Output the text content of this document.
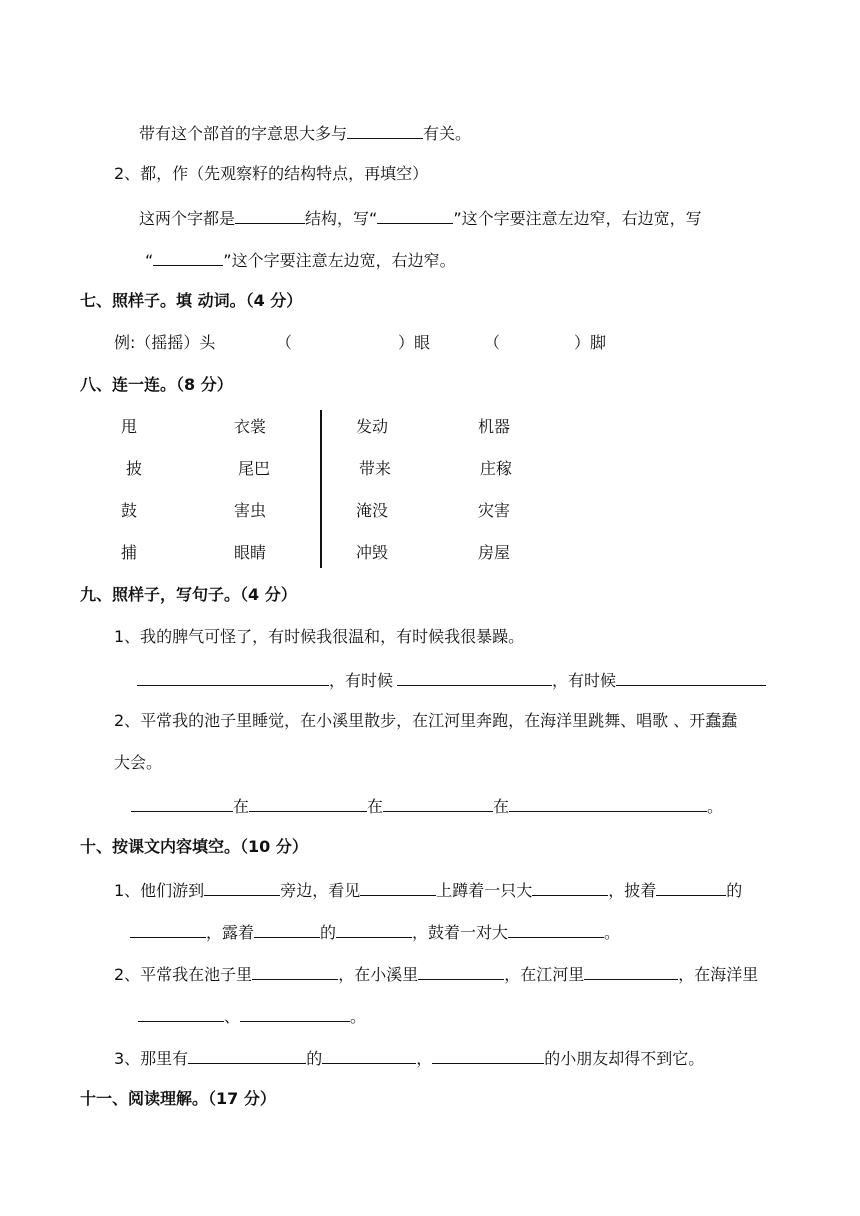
带有这个部首的字意思大多与	有关。
2、都，作（先观察籽的结构特点，再填空）
这两个字都是	结构，写“	”这个字要注意左边窄，右边宽，写
“	”这个字要注意左边宽，右边窄。
七、照样子。填 动词。（4 分）
例:（摇摇）头	（	）眼	（	）脚
八、连一连。（8 分）
甩	衣裳	发动	机器
披	尾巴	带来	庄稼
鼓	害虫	淹没	灾害
捕	眼睛	冲毁	房屋
九、照样子，写句子。（4 分）
1、我的脾气可怪了，有时候我很温和，有时候我很暴躁。
，有时候	，有时候
2、平常我的池子里睡觉，在小溪里散步，在江河里奔跑，在海洋里跳舞、唱歌 、开蠢蠢
大会。
在	在	在	。
十、按课文内容填空。（10 分）
1、他们游到	旁边，看见	上蹲着一只大	，披着	的
，露着	的	，鼓着一对大	。
2、平常我在池子里	，在小溪里	，在江河里	，在海洋里
、	。
3、那里有	的	，	的小朋友却得不到它。
十一、阅读理解。（17 分）
